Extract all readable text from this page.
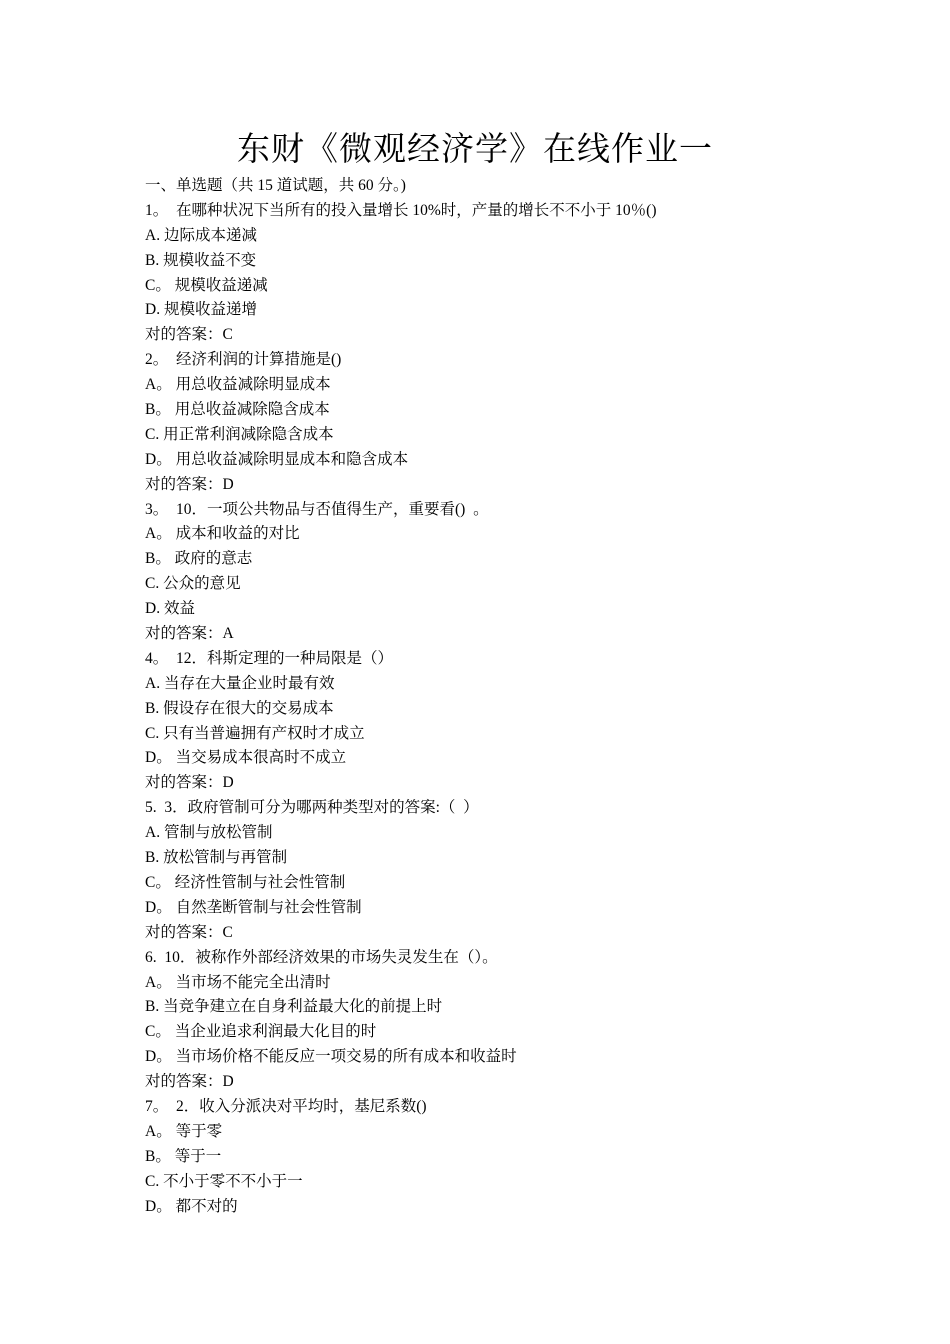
东财《微观经济学》在线作业一
一、单选题（共 15 道试题，共 60 分。)
1。  在哪种状况下当所有的投入量增长 10%时，产量的增长不不小于 10％()
A. 边际成本递减
B. 规模收益不变
C。 规模收益递减
D. 规模收益递增
对的答案：C
2。  经济利润的计算措施是()
A。 用总收益减除明显成本
B。 用总收益减除隐含成本
C. 用正常利润减除隐含成本
D。 用总收益减除明显成本和隐含成本
对的答案：D
3。  10．一项公共物品与否值得生产，重要看()  。
A。 成本和收益的对比
B。 政府的意志
C. 公众的意见
D. 效益
对的答案：A
4。  12．科斯定理的一种局限是（）
A. 当存在大量企业时最有效
B. 假设存在很大的交易成本
C. 只有当普遍拥有产权时才成立
D。 当交易成本很高时不成立
对的答案：D
5.  3．政府管制可分为哪两种类型对的答案:（  ）
A. 管制与放松管制
B. 放松管制与再管制
C。 经济性管制与社会性管制
D。 自然垄断管制与社会性管制
对的答案：C
6.  10．被称作外部经济效果的市场失灵发生在（）。
A。 当市场不能完全出清时
B. 当竞争建立在自身利益最大化的前提上时
C。 当企业追求利润最大化目的时
D。 当市场价格不能反应一项交易的所有成本和收益时
对的答案：D
7。  2．收入分派决对平均时，基尼系数()
A。 等于零
B。 等于一
C. 不小于零不不小于一
D。 都不对的
